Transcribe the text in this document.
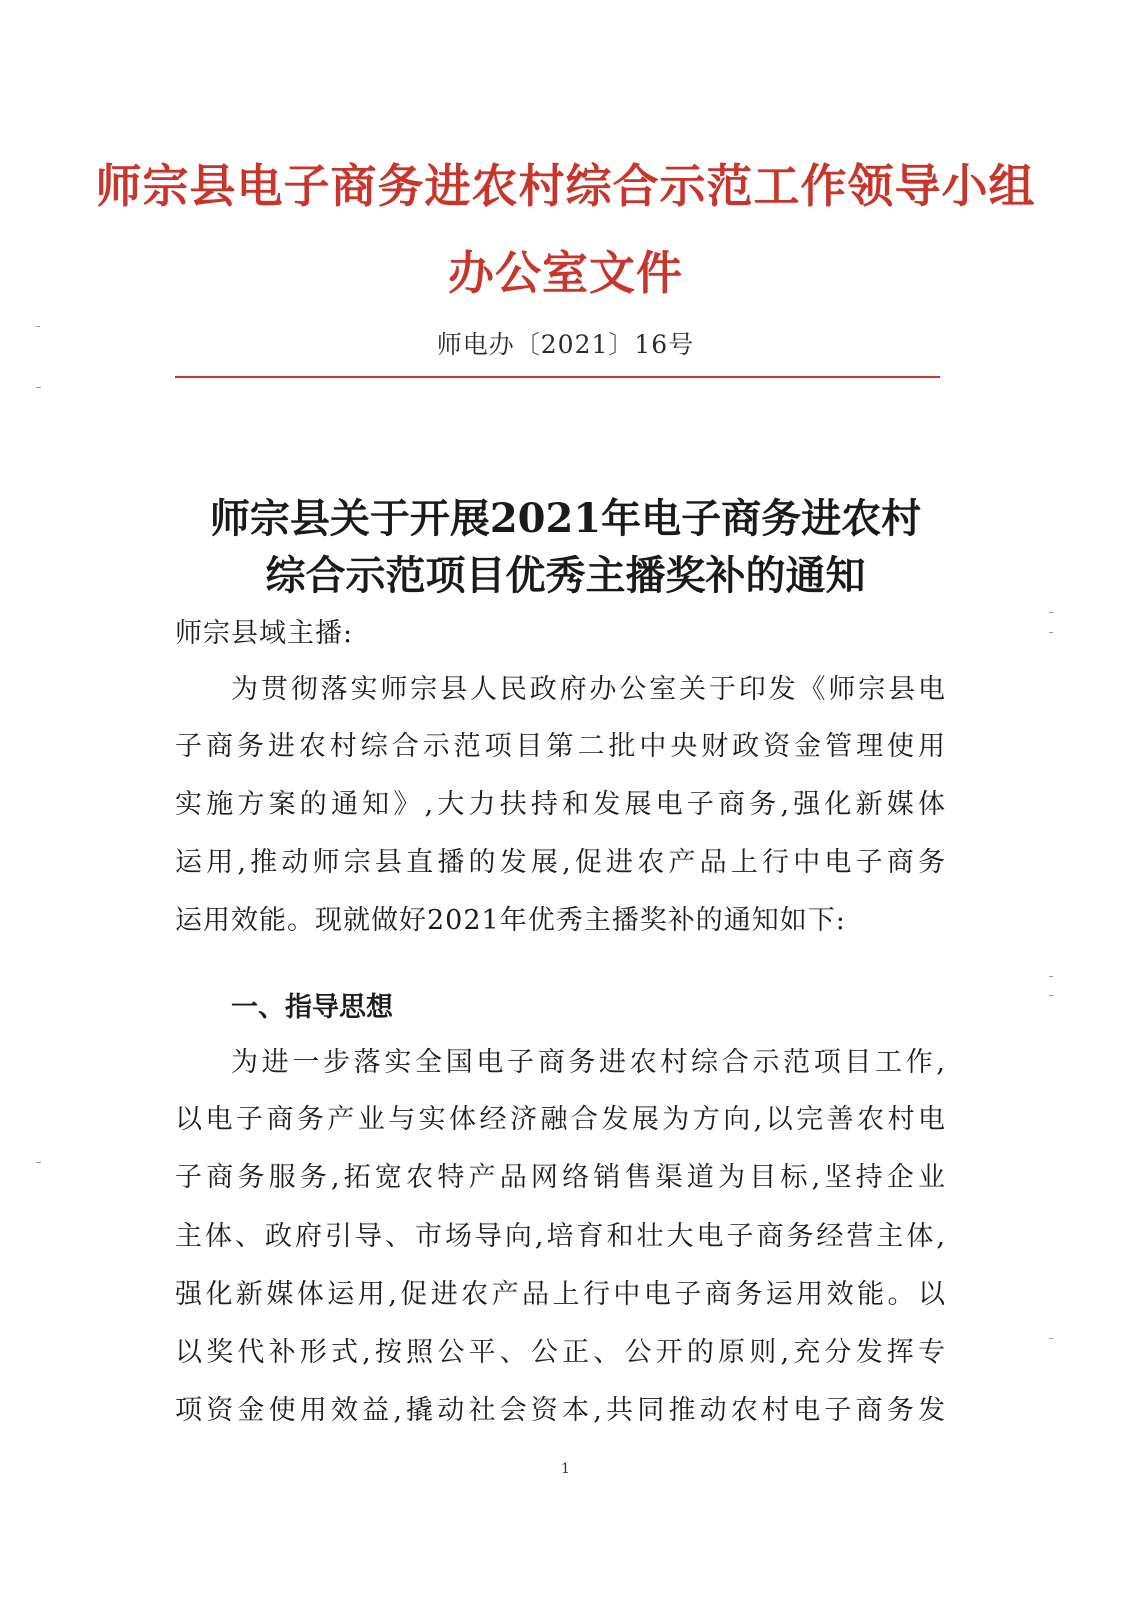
师宗县电子商务进农村综合示范工作领导小组
办公室文件
师电办〔2021〕16号
师宗县关于开展2021年电子商务进农村
综合示范项目优秀主播奖补的通知
师宗县域主播:
为贯彻落实师宗县人民政府办公室关于印发《师宗县电
子商务进农村综合示范项目第二批中央财政资金管理使用
实施方案的通知》,大力扶持和发展电子商务,强化新媒体
运用,推动师宗县直播的发展,促进农产品上行中电子商务
运用效能。现就做好2021年优秀主播奖补的通知如下:
一、指导思想
为进一步落实全国电子商务进农村综合示范项目工作,
以电子商务产业与实体经济融合发展为方向,以完善农村电
子商务服务,拓宽农特产品网络销售渠道为目标,坚持企业
主体、政府引导、市场导向,培育和壮大电子商务经营主体,
强化新媒体运用,促进农产品上行中电子商务运用效能。以
以奖代补形式,按照公平、公正、公开的原则,充分发挥专
项资金使用效益,撬动社会资本,共同推动农村电子商务发
1
